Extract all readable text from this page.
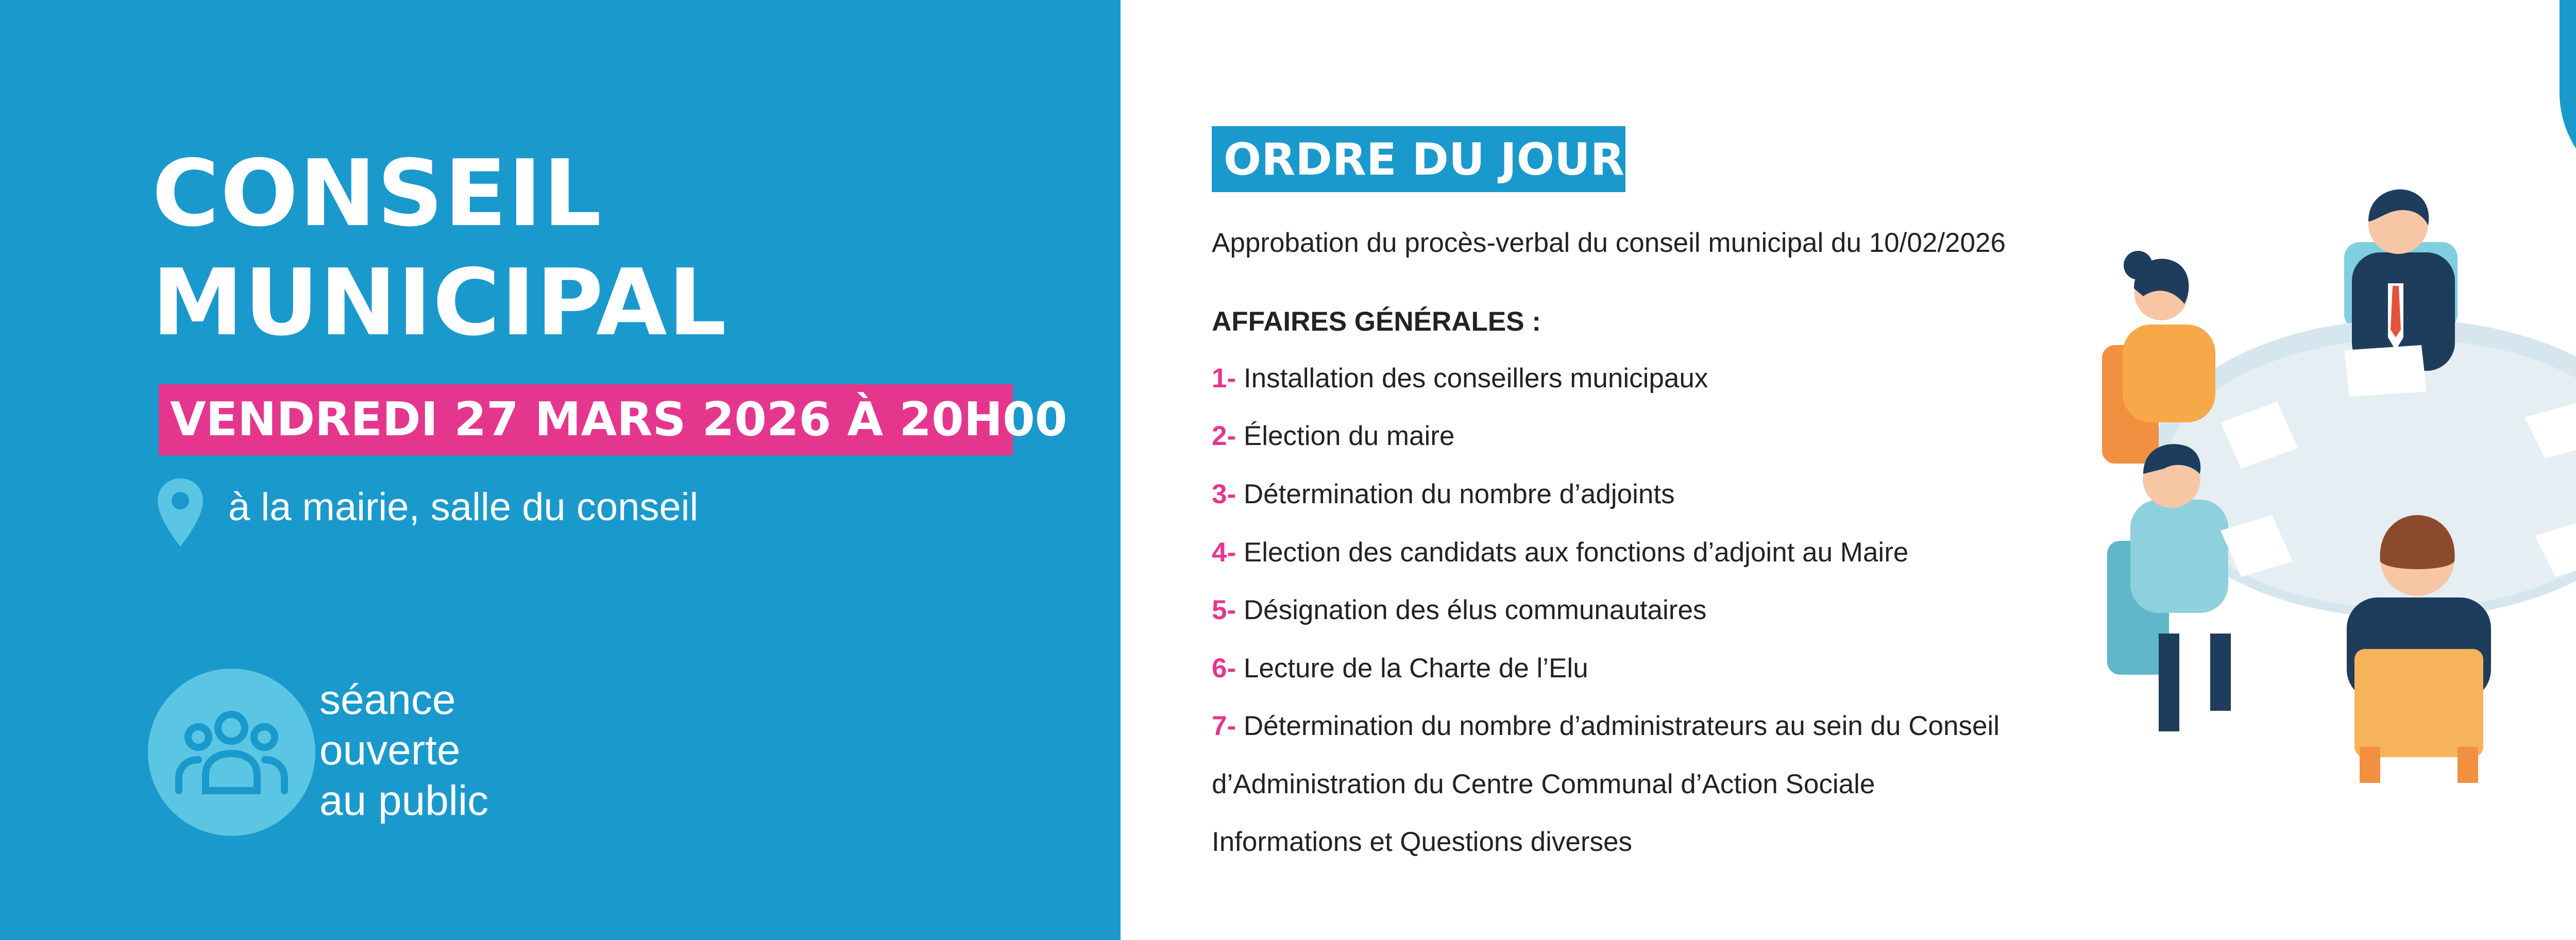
CONSEIL
MUNICIPAL
VENDREDI 27 MARS 2026 À 20H00
à la mairie, salle du conseil
séance
ouverte
au public
ORDRE DU JOUR
Approbation du procès-verbal du conseil municipal du 10/02/2026
AFFAIRES GÉNÉRALES :
1- Installation des conseillers municipaux
2- Élection du maire
3- Détermination du nombre d’adjoints
4- Election des candidats aux fonctions d’adjoint au Maire
5- Désignation des élus communautaires
6- Lecture de la Charte de l’Elu
7- Détermination du nombre d’administrateurs au sein du Conseil
d’Administration du Centre Communal d’Action Sociale
Informations et Questions diverses
